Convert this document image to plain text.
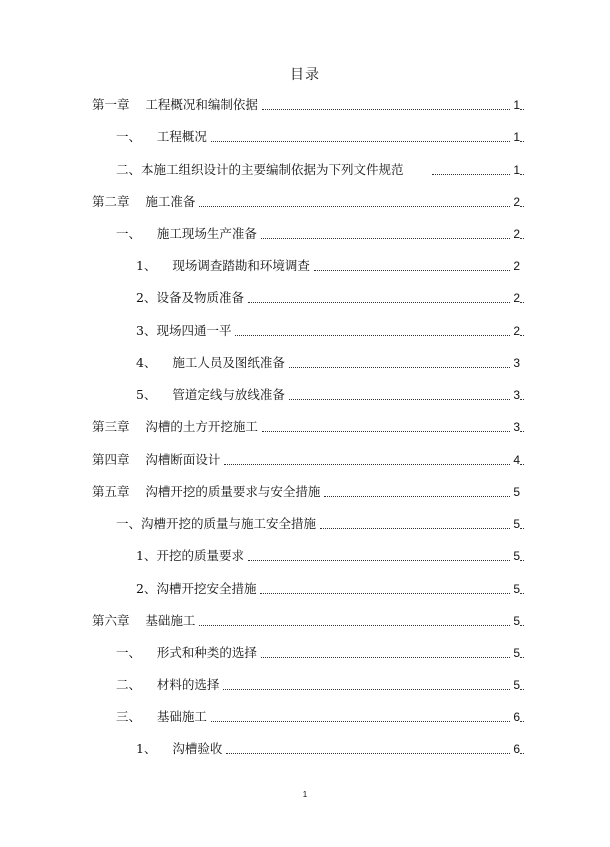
目录
第一章    工程概况和编制依据	1
一、    工程概况	1
二、本施工组织设计的主要编制依据为下列文件规范	1
第二章    施工准备	2
一、    施工现场生产准备	2
1、    现场调查踏勘和环境调查	2
2、设备及物质准备	2
3、现场四通一平	2
4、    施工人员及图纸准备	3
5、    管道定线与放线准备	3
第三章    沟槽的土方开挖施工	3
第四章    沟槽断面设计	4
第五章    沟槽开挖的质量要求与安全措施	5
一、沟槽开挖的质量与施工安全措施	5
1、开挖的质量要求	5
2、沟槽开挖安全措施	5
第六章    基础施工	5
一、    形式和种类的选择	5
二、    材料的选择	5
三、    基础施工	6
1、    沟槽验收	6
1
